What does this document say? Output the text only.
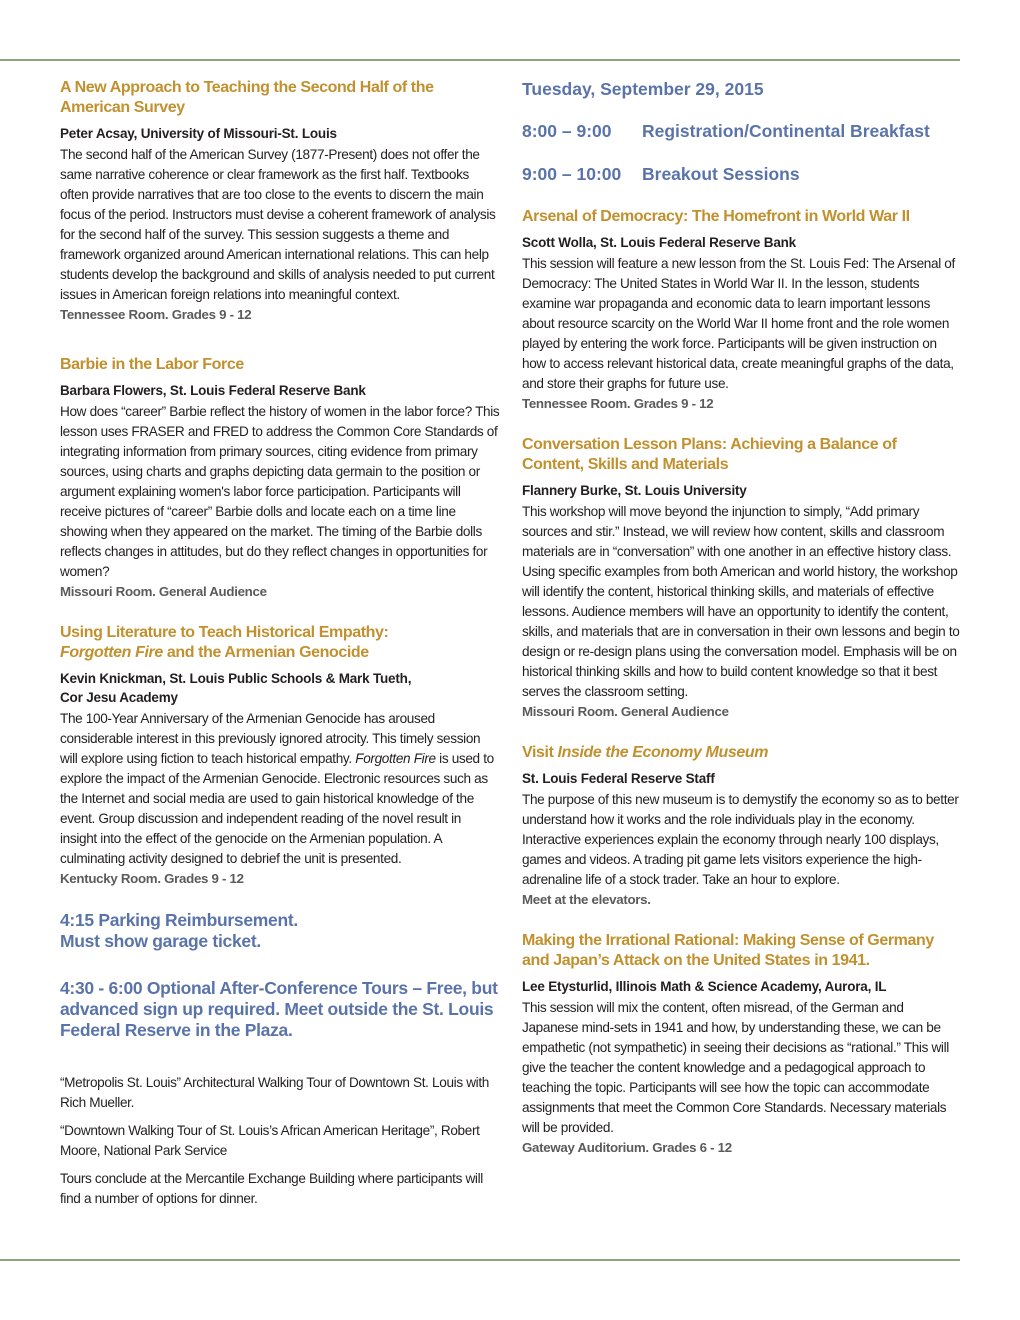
A New Approach to Teaching the Second Half of the American Survey

Peter Acsay, University of Missouri-St. Louis

The second half of the American Survey (1877-Present) does not offer the same narrative coherence or clear framework as the first half. Textbooks often provide narratives that are too close to the events to discern the main focus of the period. Instructors must devise a coherent framework of analysis for the second half of the survey. This session suggests a theme and framework organized around American international relations. This can help students develop the background and skills of analysis needed to put current issues in American foreign relations into meaningful context.

Tennessee Room. Grades 9 - 12

Barbie in the Labor Force

Barbara Flowers, St. Louis Federal Reserve Bank

How does “career” Barbie reflect the history of women in the labor force? This lesson uses FRASER and FRED to address the Common Core Standards of integrating information from primary sources, citing evidence from primary sources, using charts and graphs depicting data germain to the position or argument explaining women's labor force participation. Participants will receive pictures of “career” Barbie dolls and locate each on a time line showing when they appeared on the market. The timing of the Barbie dolls reflects changes in attitudes, but do they reflect changes in opportunities for women?

Missouri Room. General Audience

Using Literature to Teach Historical Empathy:
Forgotten Fire and the Armenian Genocide

Kevin Knickman, St. Louis Public Schools & Mark Tueth,
Cor Jesu Academy

The 100-Year Anniversary of the Armenian Genocide has aroused considerable interest in this previously ignored atrocity. This timely session will explore using fiction to teach historical empathy. Forgotten Fire is used to explore the impact of the Armenian Genocide. Electronic resources such as the Internet and social media are used to gain historical knowledge of the event. Group discussion and independent reading of the novel result in insight into the effect of the genocide on the Armenian population. A culminating activity designed to debrief the unit is presented.

Kentucky Room. Grades 9 - 12

4:15 Parking Reimbursement.

Must show garage ticket.

4:30 - 6:00 Optional After-Conference Tours – Free, but advanced sign up required. Meet outside the St. Louis Federal Reserve in the Plaza.

“Metropolis St. Louis” Architectural Walking Tour of Downtown St. Louis with Rich Mueller.

“Downtown Walking Tour of St. Louis’s African American Heritage”, Robert Moore, National Park Service

Tours conclude at the Mercantile Exchange Building where participants will find a number of options for dinner.

Tuesday, September 29, 2015

8:00 – 9:00	Registration/Continental Breakfast
9:00 – 10:00	Breakout Sessions
Arsenal of Democracy: The Homefront in World War II

Scott Wolla, St. Louis Federal Reserve Bank

This session will feature a new lesson from the St. Louis Fed: The Arsenal of Democracy: The United States in World War II. In the lesson, students examine war propaganda and economic data to learn important lessons about resource scarcity on the World War II home front and the role women played by entering the work force. Participants will be given instruction on how to access relevant historical data, create meaningful graphs of the data, and store their graphs for future use.

Tennessee Room. Grades 9 - 12

Conversation Lesson Plans: Achieving a Balance of Content, Skills and Materials

Flannery Burke, St. Louis University

This workshop will move beyond the injunction to simply, “Add primary sources and stir.” Instead, we will review how content, skills and classroom materials are in “conversation” with one another in an effective history class. Using specific examples from both American and world history, the workshop will identify the content, historical thinking skills, and materials of effective lessons. Audience members will have an opportunity to identify the content, skills, and materials that are in conversation in their own lessons and begin to design or re-design plans using the conversation model. Emphasis will be on historical thinking skills and how to build content knowledge so that it best serves the classroom setting.

Missouri Room. General Audience

Visit Inside the Economy Museum

St. Louis Federal Reserve Staff

The purpose of this new museum is to demystify the economy so as to better understand how it works and the role individuals play in the economy. Interactive experiences explain the economy through nearly 100 displays, games and videos. A trading pit game lets visitors experience the high-adrenaline life of a stock trader. Take an hour to explore.

Meet at the elevators.

Making the Irrational Rational: Making Sense of Germany and Japan’s Attack on the United States in 1941.

Lee Etysturlid, Illinois Math & Science Academy, Aurora, IL

This session will mix the content, often misread, of the German and Japanese mind-sets in 1941 and how, by understanding these, we can be empathetic (not sympathetic) in seeing their decisions as “rational.” This will give the teacher the content knowledge and a pedagogical approach to teaching the topic. Participants will see how the topic can accommodate assignments that meet the Common Core Standards. Necessary materials will be provided.

Gateway Auditorium. Grades 6 - 12
